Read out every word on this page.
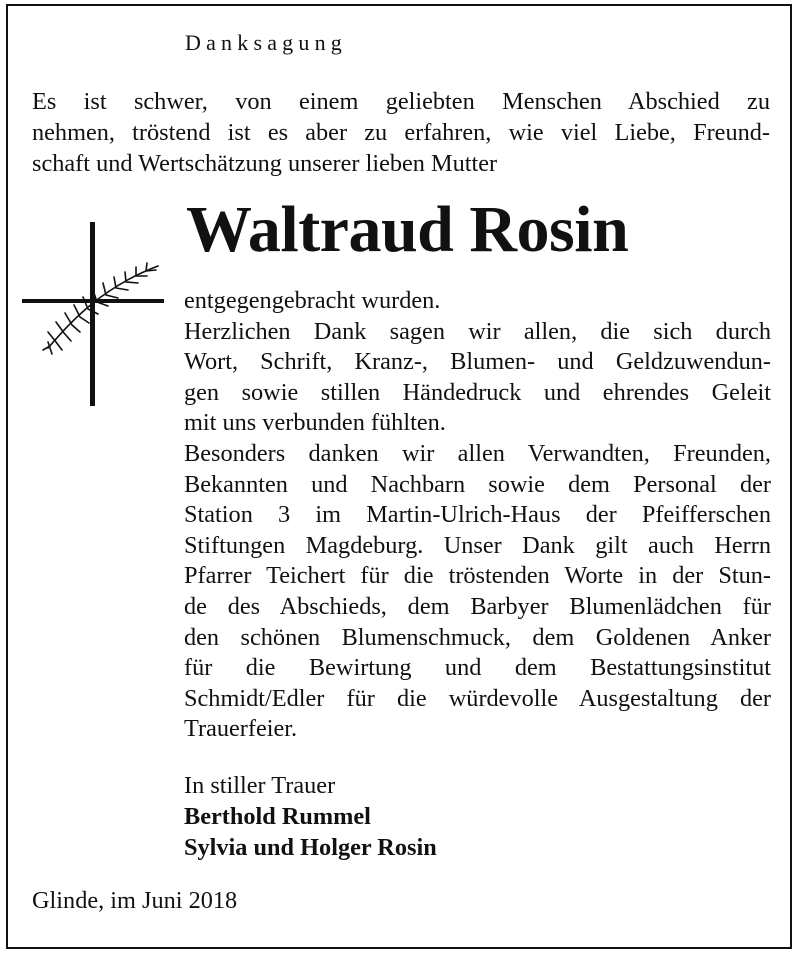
Danksagung

Es ist schwer, von einem geliebten Menschen Abschied zu
nehmen, tröstend ist es aber zu erfahren, wie viel Liebe, Freund-
schaft und Wertschätzung unserer lieben Mutter

Waltraud Rosin
entgegengebracht wurden.
Herzlichen Dank sagen wir allen, die sich durch
Wort, Schrift, Kranz-, Blumen- und Geldzuwendun-
gen sowie stillen Händedruck und ehrendes Geleit
mit uns verbunden fühlten.
Besonders danken wir allen Verwandten, Freunden,
Bekannten und Nachbarn sowie dem Personal der
Station 3 im Martin-Ulrich-Haus der Pfeifferschen
Stiftungen Magdeburg. Unser Dank gilt auch Herrn
Pfarrer Teichert für die tröstenden Worte in der Stun-
de des Abschieds, dem Barbyer Blumenlädchen für
den schönen Blumenschmuck, dem Goldenen Anker
für die Bewirtung und dem Bestattungsinstitut
Schmidt/Edler für die würdevolle Ausgestaltung der
Trauerfeier.
In stiller Trauer
Berthold Rummel
Sylvia und Holger Rosin
Glinde, im Juni 2018
